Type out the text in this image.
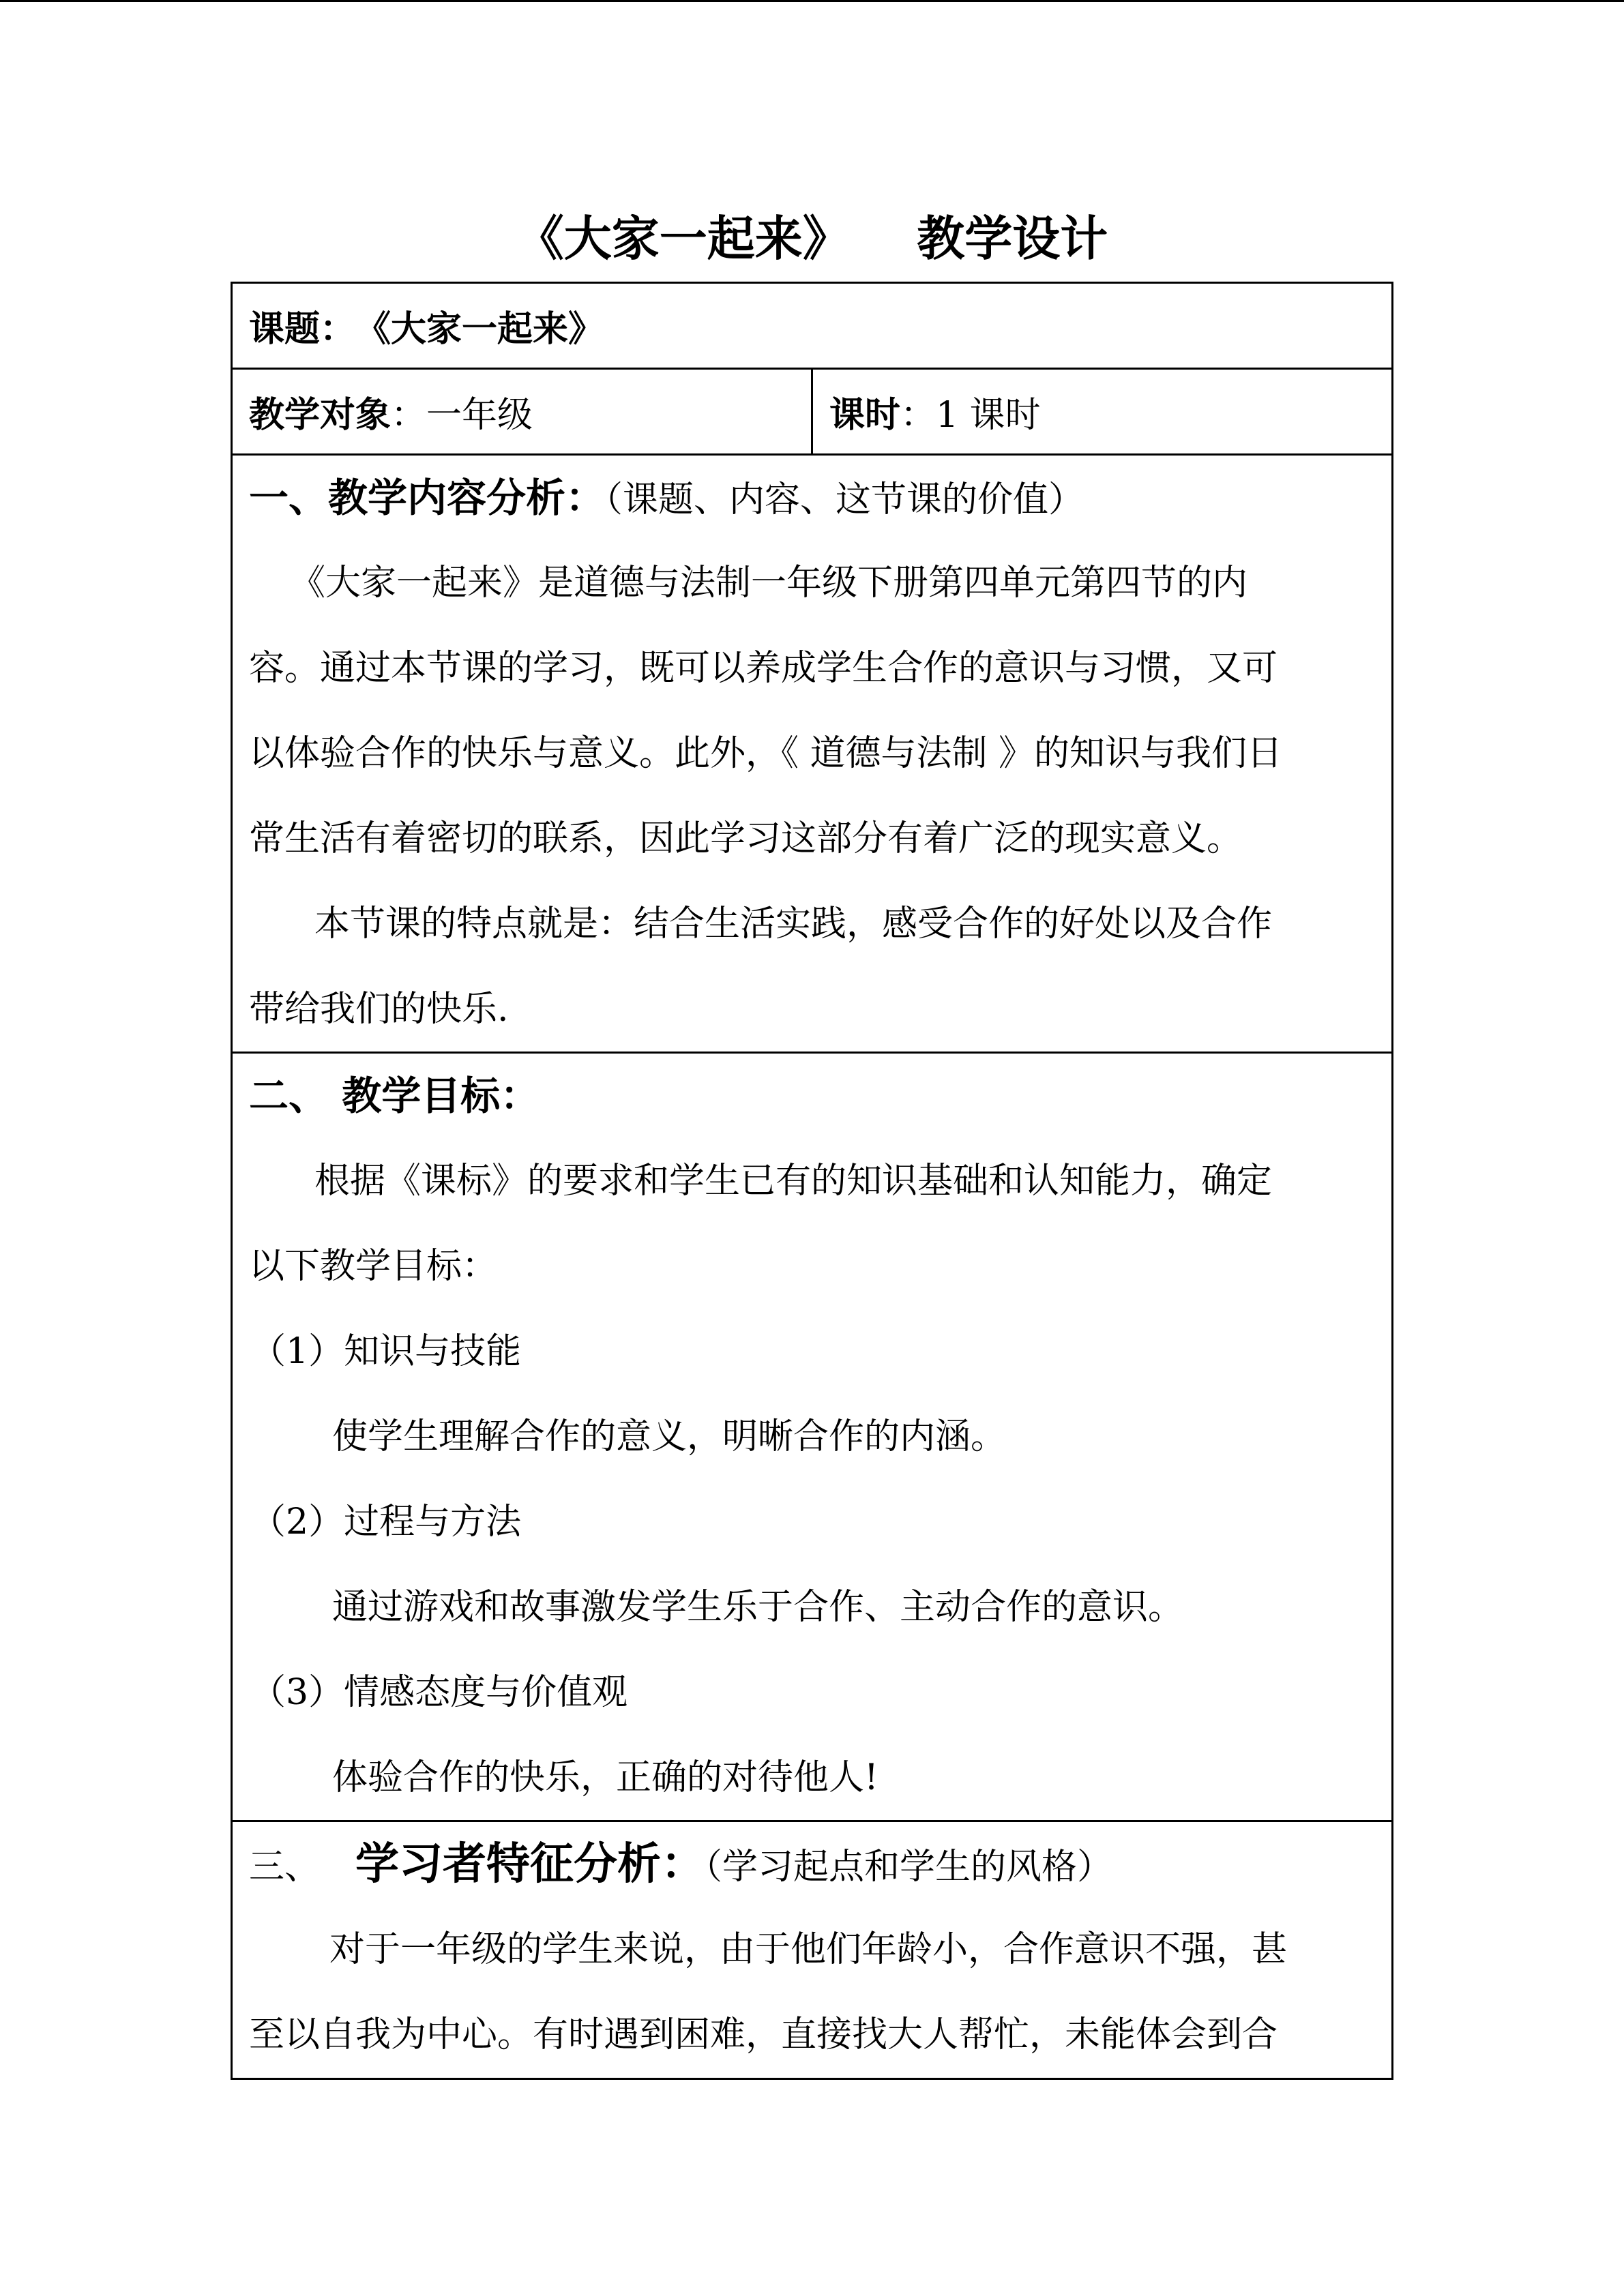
《大家一起来》    教学设计
课题： 《大家一起来》
教学对象 ： 一年级	课时 ： 1 课时
一、教学内容分析：（课题、内容、这节课的价值）
《大家一起来》是道德与法制一年级下册第四单元第四节的内
容。通过本节课的学习，既可以养成学生合作的意识与习惯，又可
以体验合作的快乐与意义。此外，《 道德与法制 》的知识与我们日
常生活有着密切的联系，因此学习这部分有着广泛的现实意义。
本节课的特点就是：结合生活实践，感受合作的好处以及合作
带给我们的快乐.
二、 教学目标：
根据《课标》的要求和学生已有的知识基础和认知能力，确定
以下教学目标：
（1）知识与技能
使学生理解合作的意义，明晰合作的内涵。
（2）过程与方法
通过游戏和故事激发学生乐于合作、主动合作的意识。
（3）情感态度与价值观
体验合作的快乐，正确的对待他人!
三、 学习者特征分析：（学习起点和学生的风格）
对于一年级的学生来说，由于他们年龄小，合作意识不强，甚
至以自我为中心。有时遇到困难，直接找大人帮忙，未能体会到合
